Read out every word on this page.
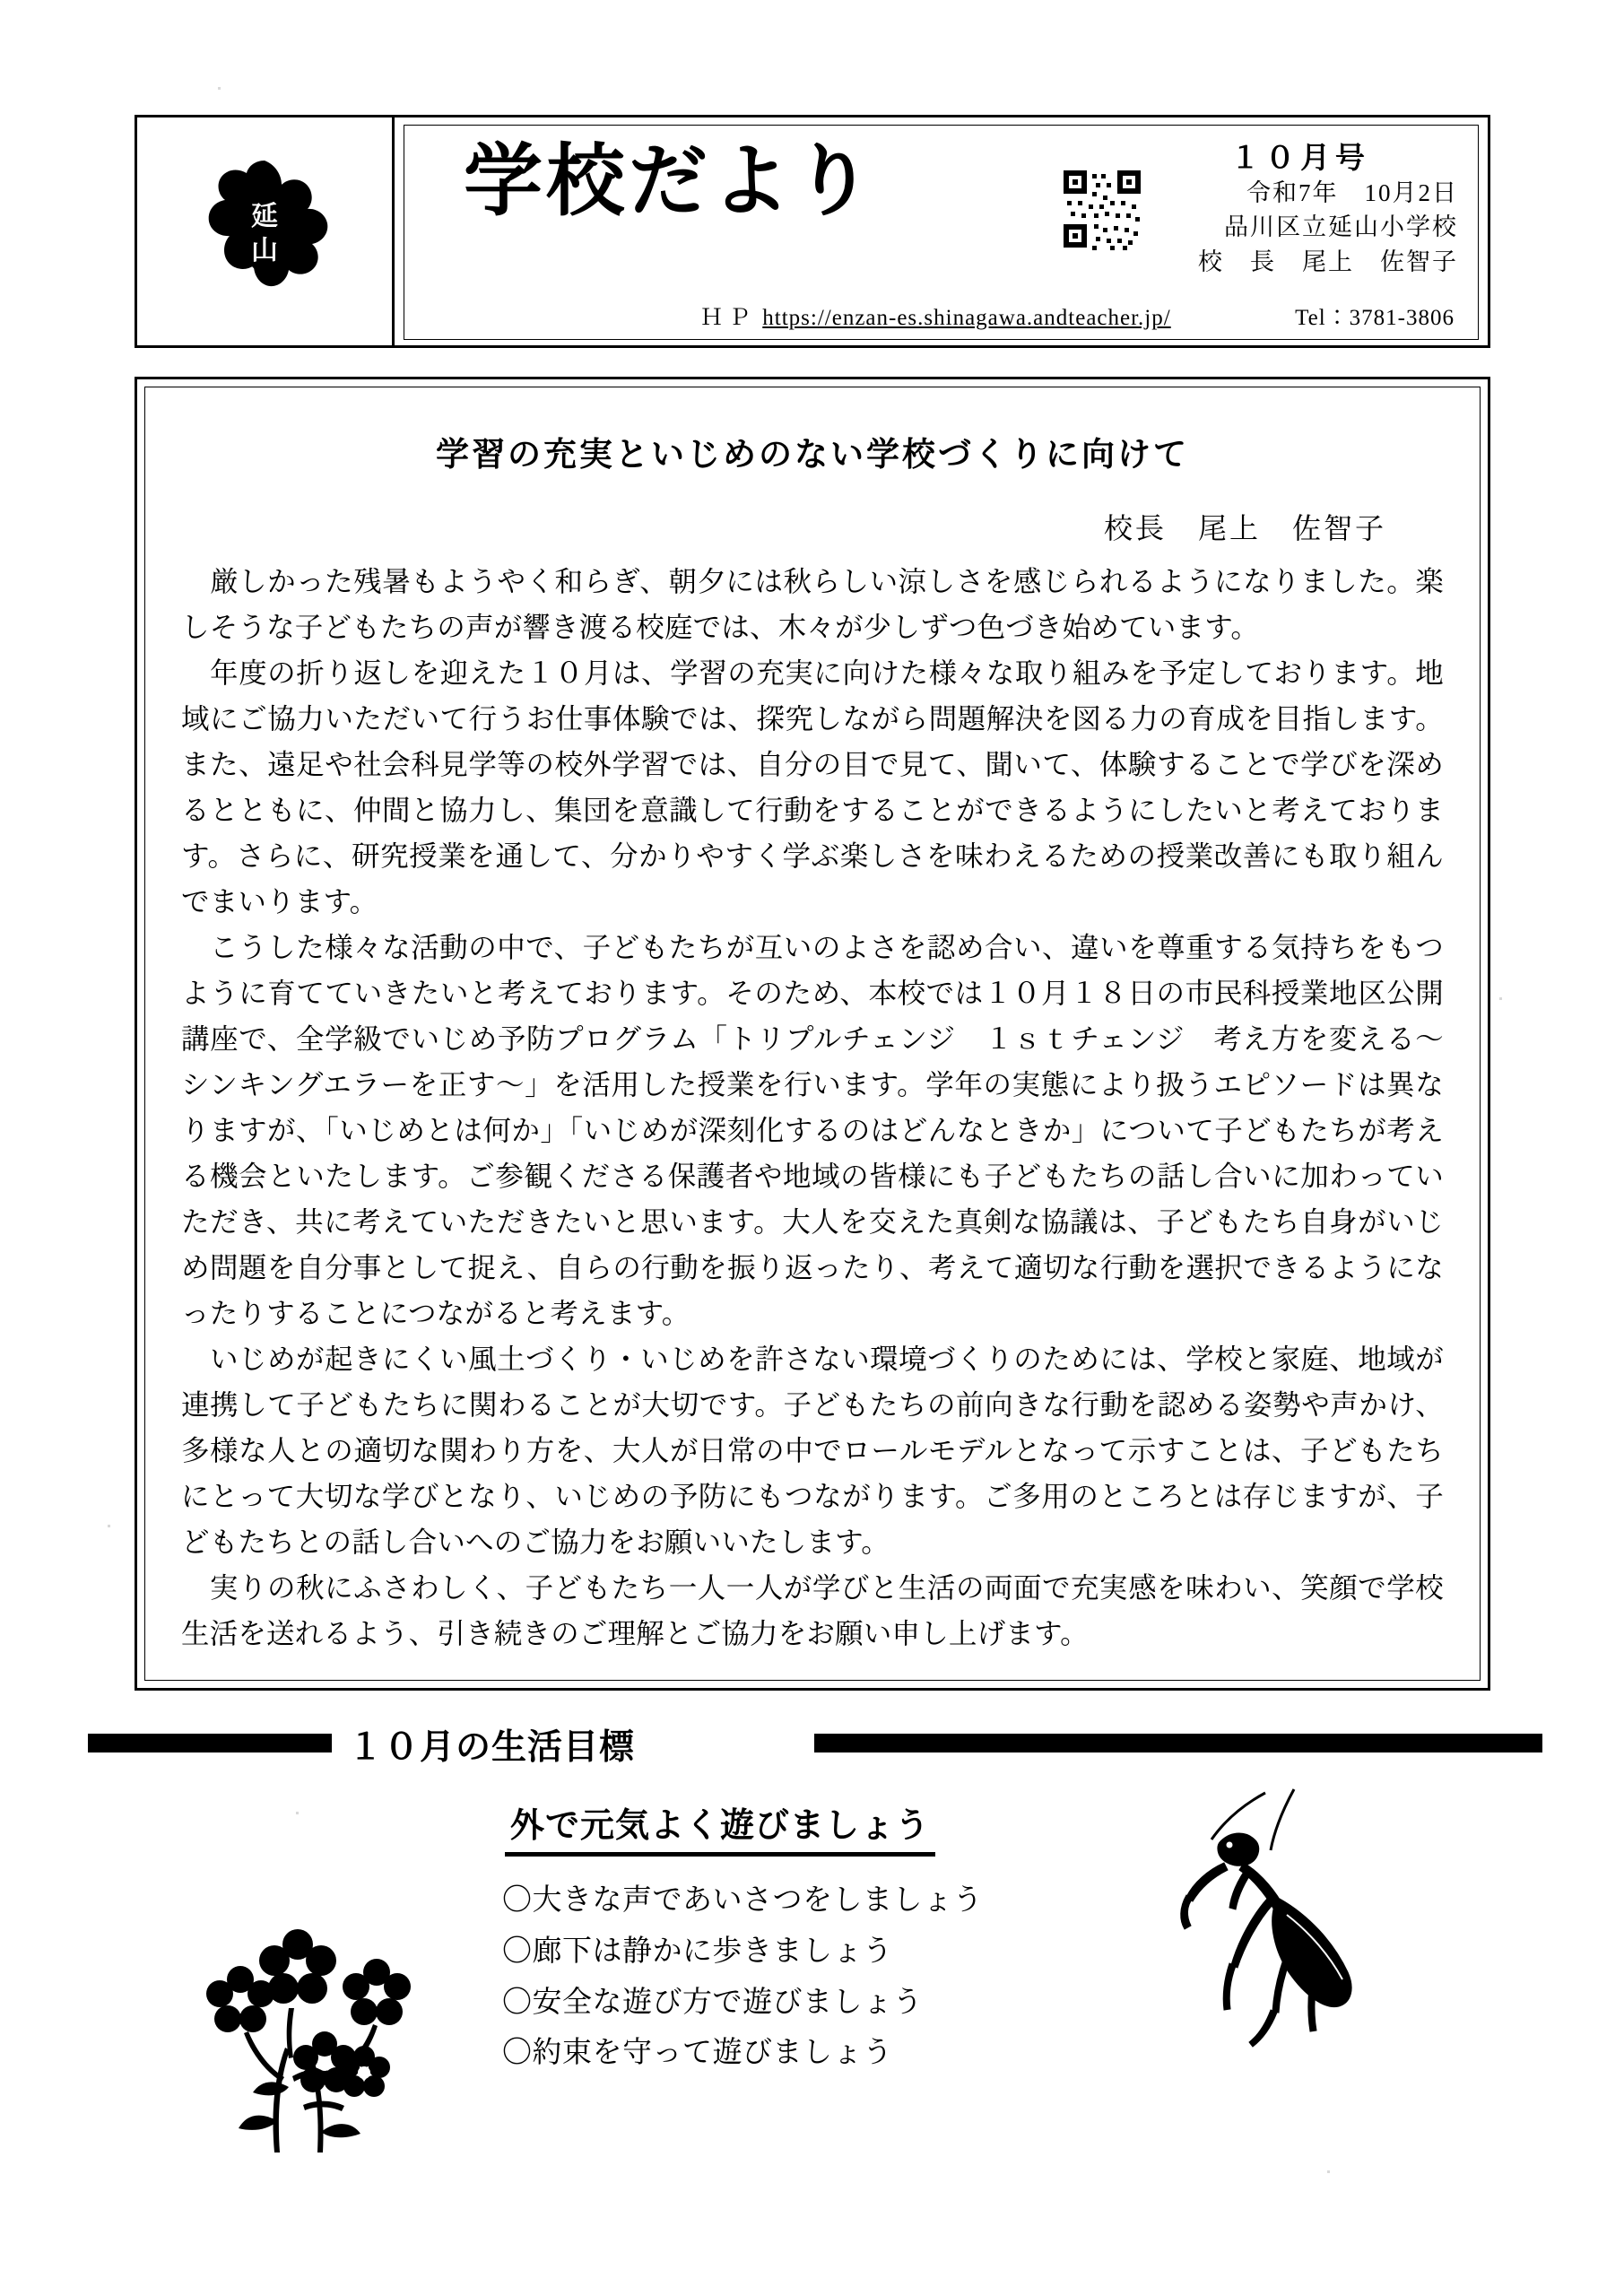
延
山
学校だより	１０月号
令和7年　10月2日
品川区立延山小学校
校　長　尾上　佐智子
ＨＰ https://enzan-es.shinagawa.andteacher.jp/	Tel：3781-3806
学習の充実といじめのない学校づくりに向けて
校長　尾上　佐智子

厳しかった残暑もようやく和らぎ、朝夕には秋らしい涼しさを感じられるようになりました。楽しそうな子どもたちの声が響き渡る校庭では、木々が少しずつ色づき始めています。

年度の折り返しを迎えた１０月は、学習の充実に向けた様々な取り組みを予定しております。地域にご協力いただいて行うお仕事体験では、探究しながら問題解決を図る力の育成を目指します。また、遠足や社会科見学等の校外学習では、自分の目で見て、聞いて、体験することで学びを深めるとともに、仲間と協力し、集団を意識して行動をすることができるようにしたいと考えております。さらに、研究授業を通して、分かりやすく学ぶ楽しさを味わえるための授業改善にも取り組んでまいります。

こうした様々な活動の中で、子どもたちが互いのよさを認め合い、違いを尊重する気持ちをもつように育てていきたいと考えております。そのため、本校では１０月１８日の市民科授業地区公開講座で、全学級でいじめ予防プログラム「トリプルチェンジ　１ｓｔチェンジ　考え方を変える～シンキングエラーを正す～」を活用した授業を行います。学年の実態により扱うエピソードは異なりますが、「いじめとは何か」「いじめが深刻化するのはどんなときか」について子どもたちが考える機会といたします。ご参観くださる保護者や地域の皆様にも子どもたちの話し合いに加わっていただき、共に考えていただきたいと思います。大人を交えた真剣な協議は、子どもたち自身がいじめ問題を自分事として捉え、自らの行動を振り返ったり、考えて適切な行動を選択できるようになったりすることにつながると考えます。

いじめが起きにくい風土づくり・いじめを許さない環境づくりのためには、学校と家庭、地域が連携して子どもたちに関わることが大切です。子どもたちの前向きな行動を認める姿勢や声かけ、多様な人との適切な関わり方を、大人が日常の中でロールモデルとなって示すことは、子どもたちにとって大切な学びとなり、いじめの予防にもつながります。ご多用のところとは存じますが、子どもたちとの話し合いへのご協力をお願いいたします。

実りの秋にふさわしく、子どもたち一人一人が学びと生活の両面で充実感を味わい、笑顔で学校生活を送れるよう、引き続きのご理解とご協力をお願い申し上げます。

１０月の生活目標
外で元気よく遊びましょう
〇大きな声であいさつをしましょう
〇廊下は静かに歩きましょう
〇安全な遊び方で遊びましょう
〇約束を守って遊びましょう
